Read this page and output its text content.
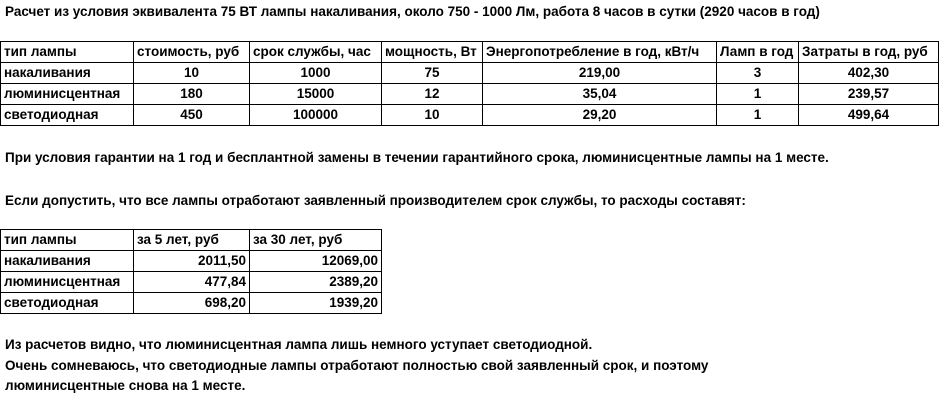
Расчет из условия эквивалента 75 ВТ лампы накаливания, около 750 - 1000 Лм, работа 8 часов в сутки (2920 часов в год)
тип лампы	стоимость, руб	срок службы, час	мощность, Вт	Энергопотребление в год, кВт/ч	Ламп в год	Затраты в год, руб
накаливания	10	1000	75	219,00	3	402,30
люминисцентная	180	15000	12	35,04	1	239,57
светодиодная	450	100000	10	29,20	1	499,64
При условия гарантии на 1 год и бесплантной замены в течении гарантийного срока, люминисцентные лампы на 1 месте.
Если допустить, что все лампы отработают заявленный производителем срок службы, то расходы составят:
тип лампы	за 5 лет, руб	за 30 лет, руб
накаливания	2011,50	12069,00
люминисцентная	477,84	2389,20
светодиодная	698,20	1939,20
Из расчетов видно, что люминисцентная лампа лишь немного уступает светодиодной.
Очень сомневаюсь, что светодиодные лампы отработают полностью свой заявленный срок, и поэтому
люминисцентные снова на 1 месте.
